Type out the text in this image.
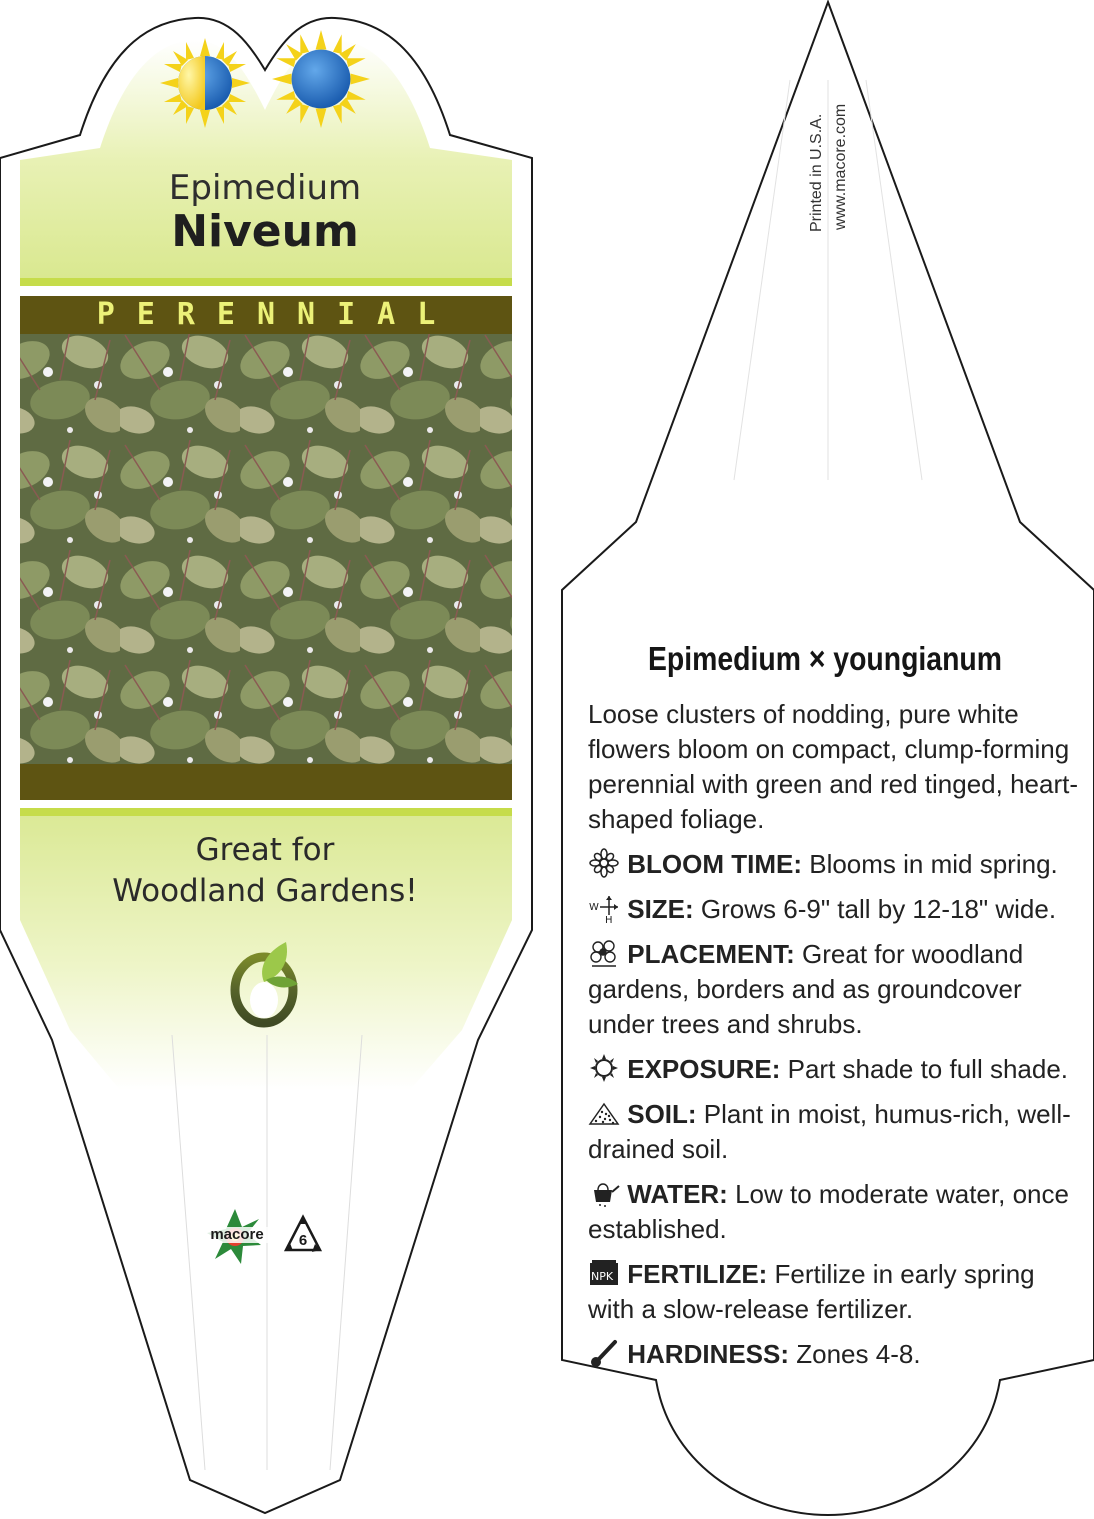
Epimedium
Niveum
PERENNIAL
Great for
Woodland Gardens!
macore	6
Printed in U.S.A. www.macore.com
Epimedium × youngianum
Loose clusters of nodding, pure white flowers bloom on compact, clump-forming perennial with green and red tinged, heart-shaped foliage.
BLOOM TIME: Blooms in mid spring.
W
H SIZE: Grows 6-9" tall by 12-18" wide.
PLACEMENT: Great for woodland gardens, borders and as groundcover under trees and shrubs.
EXPOSURE: Part shade to full shade.
SOIL: Plant in moist, humus-rich, well-drained soil.
WATER: Low to moderate water, once established.
NPK FERTILIZE: Fertilize in early spring with a slow-release fertilizer.
HARDINESS: Zones 4-8.
